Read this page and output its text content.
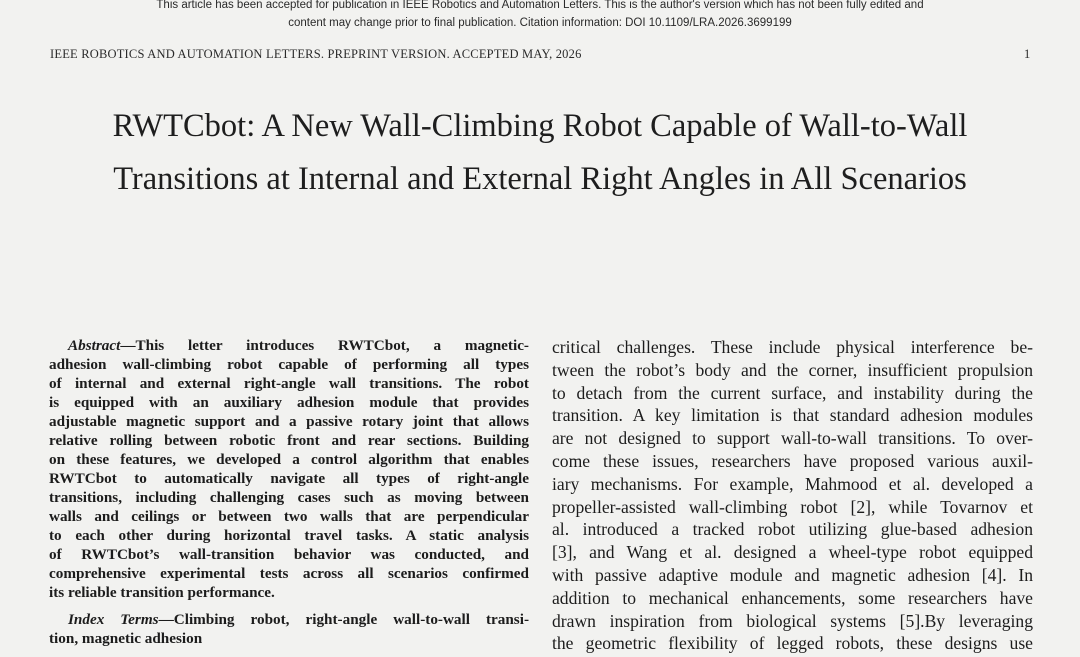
This article has been accepted for publication in IEEE Robotics and Automation Letters. This is the author's version which has not been fully edited and
content may change prior to final publication. Citation information: DOI 10.1109/LRA.2026.3699199
IEEE ROBOTICS AND AUTOMATION LETTERS. PREPRINT VERSION. ACCEPTED MAY, 2026	1
RWTCbot: A New Wall-Climbing Robot Capable of Wall-to-Wall
Transitions at Internal and External Right Angles in All Scenarios
Abstract—This letter introduces RWTCbot, a magnetic-
adhesion wall-climbing robot capable of performing all types
of internal and external right-angle wall transitions. The robot
is equipped with an auxiliary adhesion module that provides
adjustable magnetic support and a passive rotary joint that allows
relative rolling between robotic front and rear sections. Building
on these features, we developed a control algorithm that enables
RWTCbot to automatically navigate all types of right-angle
transitions, including challenging cases such as moving between
walls and ceilings or between two walls that are perpendicular
to each other during horizontal travel tasks. A static analysis
of RWTCbot’s wall-transition behavior was conducted, and
comprehensive experimental tests across all scenarios confirmed
its reliable transition performance.
Index Terms—Climbing robot, right-angle wall-to-wall transi-
tion, magnetic adhesion
critical challenges. These include physical interference be-
tween the robot’s body and the corner, insufficient propulsion
to detach from the current surface, and instability during the
transition. A key limitation is that standard adhesion modules
are not designed to support wall-to-wall transitions. To over-
come these issues, researchers have proposed various auxil-
iary mechanisms. For example, Mahmood et al. developed a
propeller-assisted wall-climbing robot [2], while Tovarnov et
al. introduced a tracked robot utilizing glue-based adhesion
[3], and Wang et al. designed a wheel-type robot equipped
with passive adaptive module and magnetic adhesion [4]. In
addition to mechanical enhancements, some researchers have
drawn inspiration from biological systems [5].By leveraging
the geometric flexibility of legged robots, these designs use
